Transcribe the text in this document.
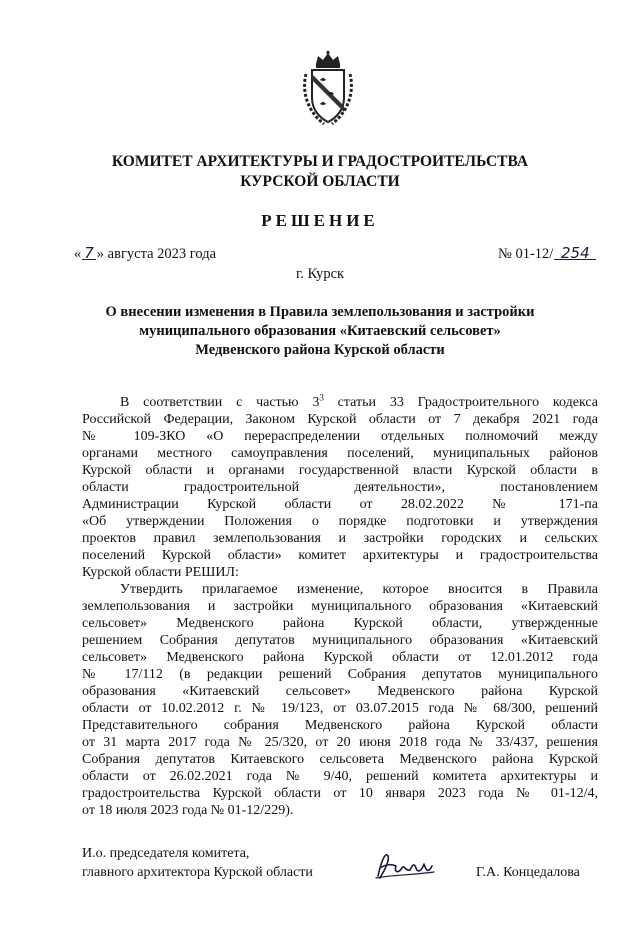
КОМИТЕТ АРХИТЕКТУРЫ И ГРАДОСТРОИТЕЛЬСТВА
КУРСКОЙ ОБЛАСТИ
РЕШЕНИЕ
« 7 » августа 2023 года	№ 01-12/ 254
г. Курск
О внесении изменения в Правила землепользования и застройки
муниципального образования «Китаевский сельсовет»
Медвенского района Курской области
В соответствии с частью $3^3$ статьи 33 Градостроительного кодекса
Российской Федерации, Законом Курской области от 7 декабря 2021 года
№ 109-ЗКО «О перераспределении отдельных полномочий между
органами местного самоуправления поселений, муниципальных районов
Курской области и органами государственной власти Курской области в
области градостроительной деятельности», постановлением
Администрации Курской области от 28.02.2022 № 171-па
«Об утверждении Положения о порядке подготовки и утверждения
проектов правил землепользования и застройки городских и сельских
поселений Курской области» комитет архитектуры и градостроительства
Курской области РЕШИЛ:
Утвердить прилагаемое изменение, которое вносится в Правила
землепользования и застройки муниципального образования «Китаевский
сельсовет» Медвенского района Курской области, утвержденные
решением Собрания депутатов муниципального образования «Китаевский
сельсовет» Медвенского района Курской области от 12.01.2012 года
№ 17/112 (в редакции решений Собрания депутатов муниципального
образования «Китаевский сельсовет» Медвенского района Курской
области от 10.02.2012 г. № 19/123, от 03.07.2015 года № 68/300, решений
Представительного собрания Медвенского района Курской области
от 31 марта 2017 года № 25/320, от 20 июня 2018 года № 33/437, решения
Собрания депутатов Китаевского сельсовета Медвенского района Курской
области от 26.02.2021 года № 9/40, решений комитета архитектуры и
градостроительства Курской области от 10 января 2023 года № 01-12/4,
от 18 июля 2023 года № 01-12/229).
И.о. председателя комитета,
главного архитектора Курской области	Г.А. Концедалова
